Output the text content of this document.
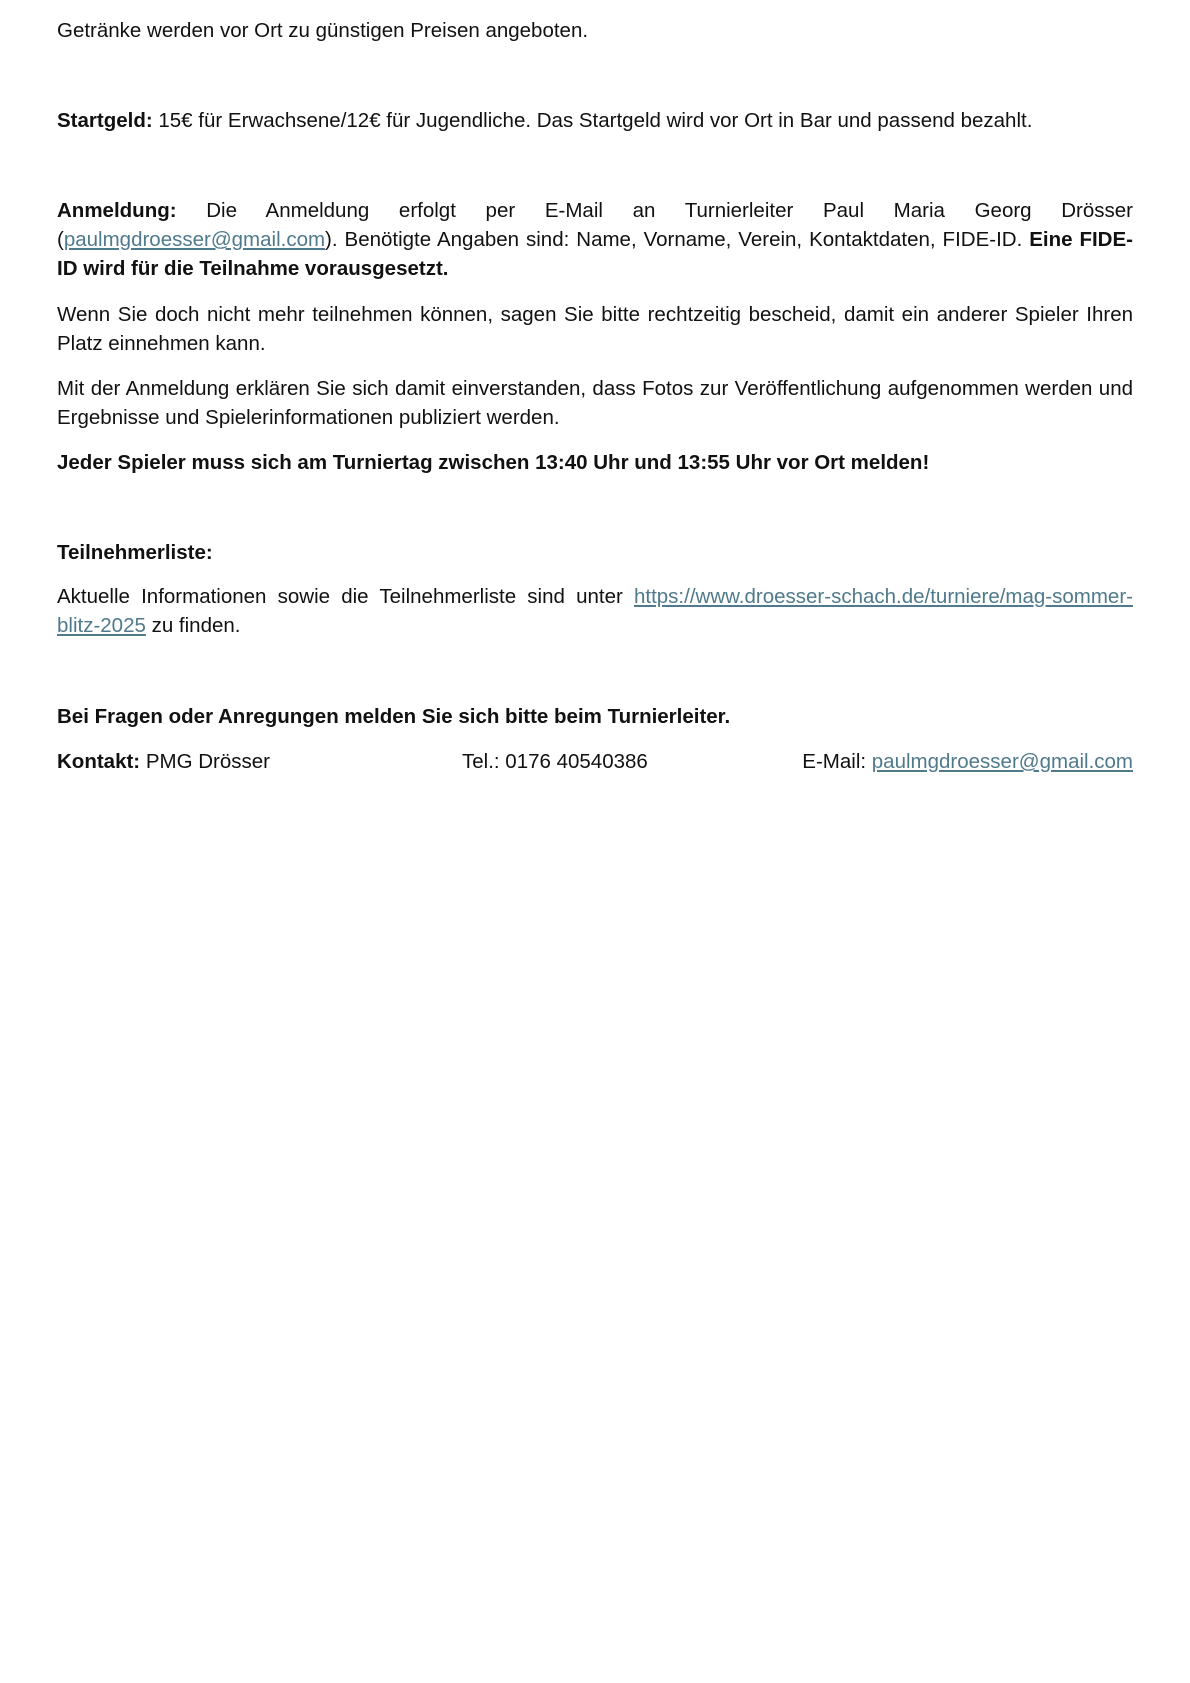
Getränke werden vor Ort zu günstigen Preisen angeboten.

Startgeld: 15€ für Erwachsene/12€ für Jugendliche. Das Startgeld wird vor Ort in Bar und passend bezahlt.

Anmeldung: Die Anmeldung erfolgt per E-Mail an Turnierleiter Paul Maria Georg Drösser (paulmgdroesser@gmail.com). Benötigte Angaben sind: Name, Vorname, Verein, Kontaktdaten, FIDE-ID. Eine FIDE-ID wird für die Teilnahme vorausgesetzt.

Wenn Sie doch nicht mehr teilnehmen können, sagen Sie bitte rechtzeitig bescheid, damit ein anderer Spieler Ihren Platz einnehmen kann.

Mit der Anmeldung erklären Sie sich damit einverstanden, dass Fotos zur Veröffentlichung aufgenommen werden und Ergebnisse und Spielerinformationen publiziert werden.

Jeder Spieler muss sich am Turniertag zwischen 13:40 Uhr und 13:55 Uhr vor Ort melden!

Teilnehmerliste:

Aktuelle Informationen sowie die Teilnehmerliste sind unter https://www.droesser-schach.de/turniere/mag-sommer-blitz-2025 zu finden.

Bei Fragen oder Anregungen melden Sie sich bitte beim Turnierleiter.

Kontakt: PMG Drösser	Tel.: 0176 40540386	E-Mail: paulmgdroesser@gmail.com
